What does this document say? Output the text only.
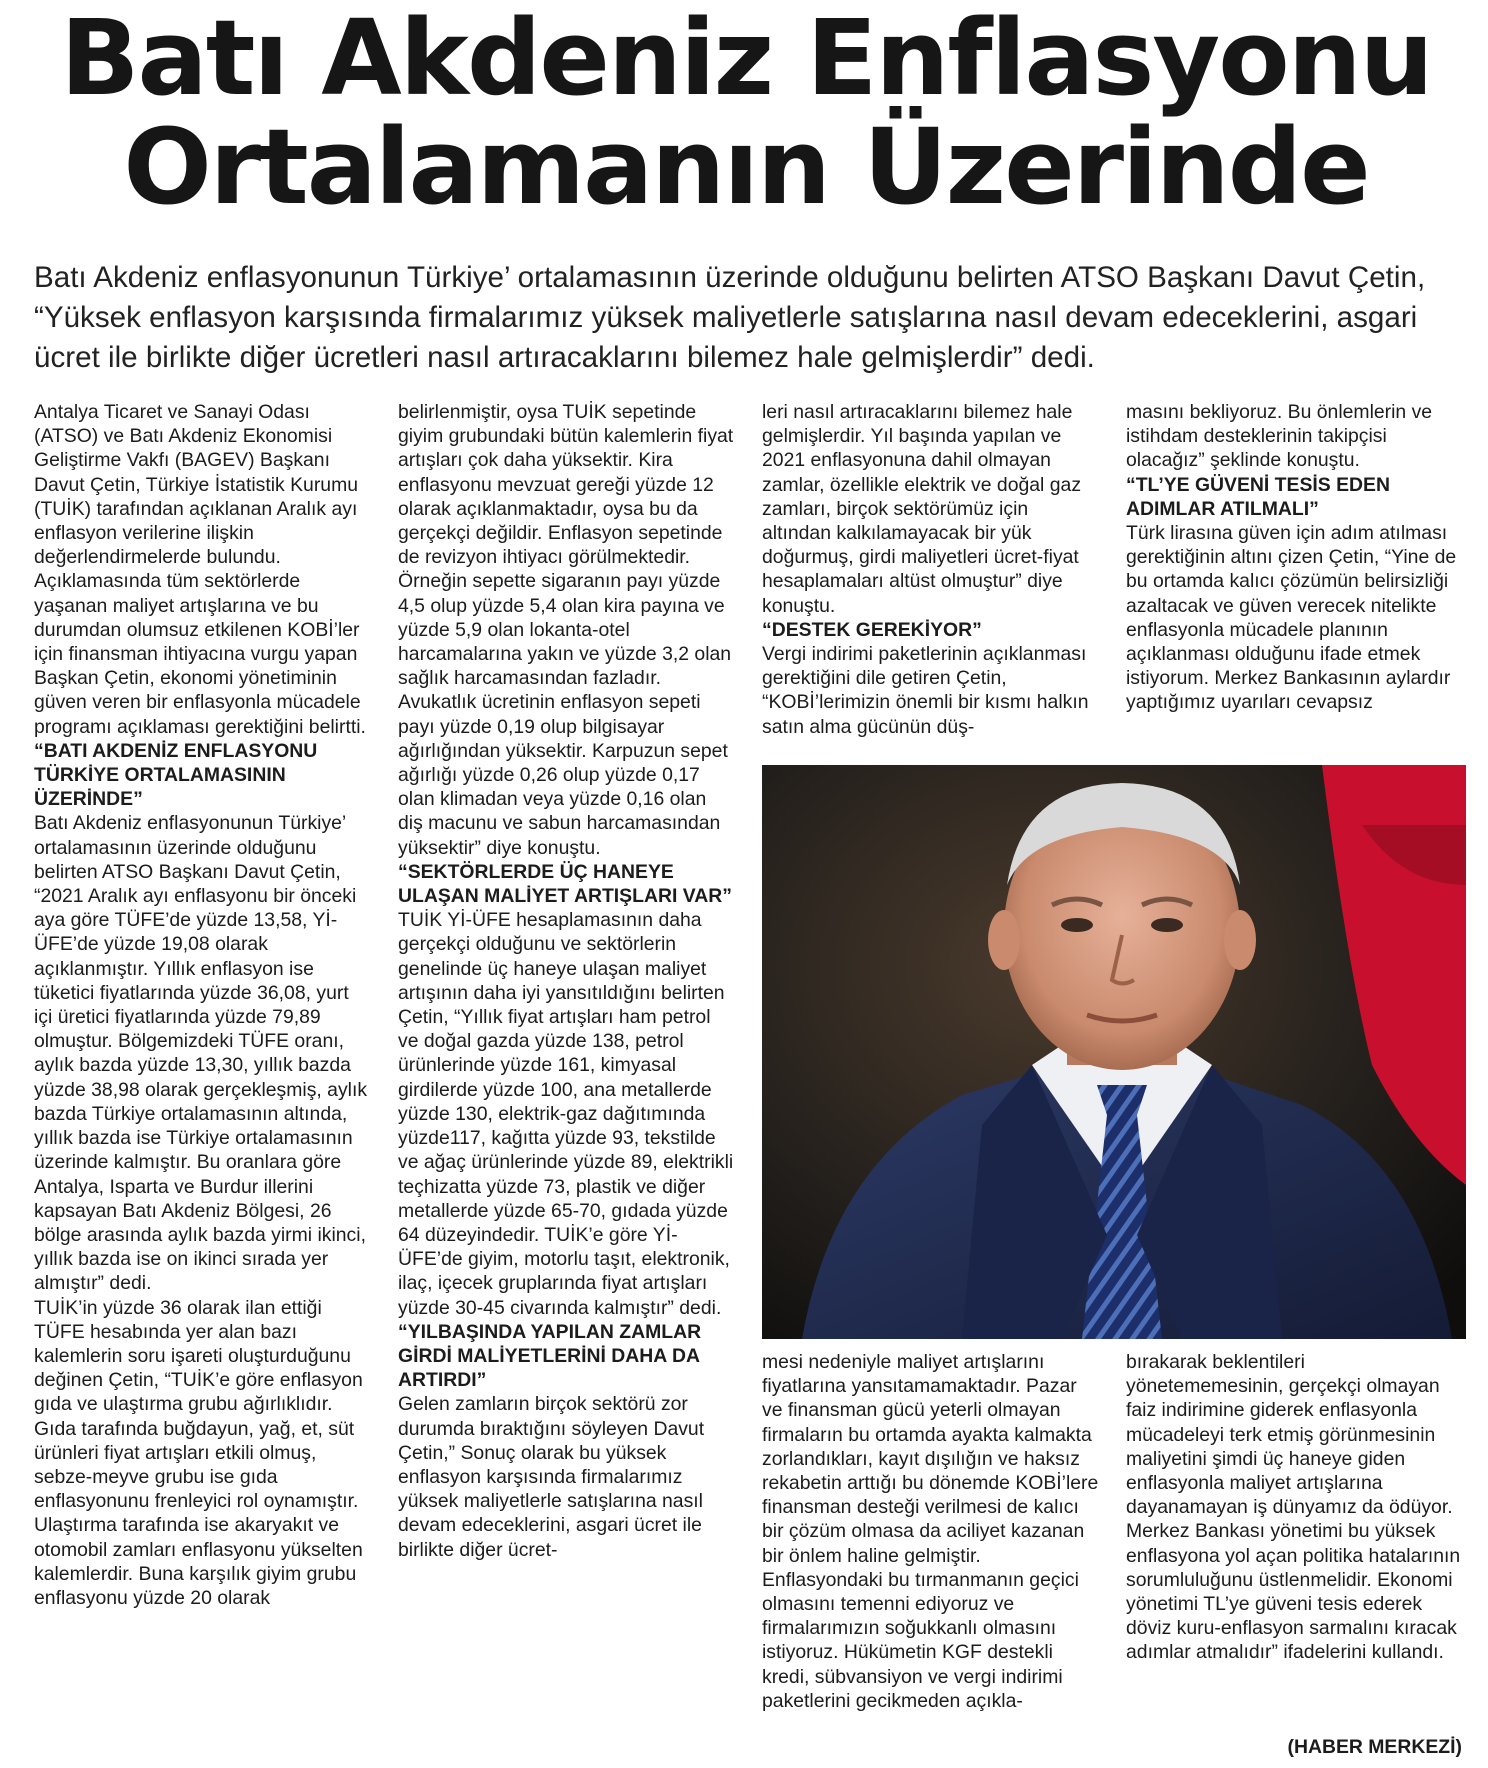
Batı Akdeniz Enflasyonu
Ortalamanın Üzerinde

Batı Akdeniz enflasyonunun Türkiye’ ortalamasının üzerinde olduğunu belirten ATSO Başkanı Davut Çetin, “Yüksek enflasyon karşısında firmalarımız yüksek maliyetlerle satışlarına nasıl devam edeceklerini, asgari ücret ile birlikte diğer ücretleri nasıl artıracaklarını bilemez hale gelmişlerdir” dedi.

Antalya Ticaret ve Sanayi Odası (ATSO) ve Batı Akdeniz Ekonomisi Geliştirme Vakfı (BAGEV) Başkanı Davut Çetin, Türkiye İstatistik Kurumu (TUİK) tarafından açıklanan Aralık ayı enflasyon verilerine ilişkin değerlendirmelerde bulundu.

Açıklamasında tüm sektörlerde yaşanan maliyet artışlarına ve bu durumdan olumsuz etkilenen KOBİ’ler için finansman ihtiyacına vurgu yapan Başkan Çetin, ekonomi yönetiminin güven veren bir enflasyonla mücadele programı açıklaması gerektiğini belirtti.

“BATI AKDENİZ ENFLASYONU TÜRKİYE ORTALAMASININ ÜZERİNDE”

Batı Akdeniz enflasyonunun Türkiye’ ortalamasının üzerinde olduğunu belirten ATSO Başkanı Davut Çetin, “2021 Aralık ayı enflasyonu bir önceki aya göre TÜFE’de yüzde 13,58, Yİ-ÜFE’de yüzde 19,08 olarak açıklanmıştır. Yıllık enflasyon ise tüketici fiyatlarında yüzde 36,08, yurt içi üretici fiyatlarında yüzde 79,89 olmuştur. Bölgemizdeki TÜFE oranı, aylık bazda yüzde 13,30, yıllık bazda yüzde 38,98 olarak gerçekleşmiş, aylık bazda Türkiye ortalamasının altında, yıllık bazda ise Türkiye ortalamasının üzerinde kalmıştır. Bu oranlara göre Antalya, Isparta ve Burdur illerini kapsayan Batı Akdeniz Bölgesi, 26 bölge arasında aylık bazda yirmi ikinci, yıllık bazda ise on ikinci sırada yer almıştır” dedi.

TUİK’in yüzde 36 olarak ilan ettiği TÜFE hesabında yer alan bazı kalemlerin soru işareti oluşturduğunu değinen Çetin, “TUİK’e göre enflasyon gıda ve ulaştırma grubu ağırlıklıdır. Gıda tarafında buğdayun, yağ, et, süt ürünleri fiyat artışları etkili olmuş, sebze-meyve grubu ise gıda enflasyonunu frenleyici rol oynamıştır. Ulaştırma tarafında ise akaryakıt ve otomobil zamları enflasyonu yükselten kalemlerdir. Buna karşılık giyim grubu enflasyonu yüzde 20 olarak

belirlenmiştir, oysa TUİK sepetinde giyim grubundaki bütün kalemlerin fiyat artışları çok daha yüksektir. Kira enflasyonu mevzuat gereği yüzde 12 olarak açıklanmaktadır, oysa bu da gerçekçi değildir. Enflasyon sepetinde de revizyon ihtiyacı görülmektedir. Örneğin sepette sigaranın payı yüzde 4,5 olup yüzde 5,4 olan kira payına ve yüzde 5,9 olan lokanta-otel harcamalarına yakın ve yüzde 3,2 olan sağlık harcamasından fazladır. Avukatlık ücretinin enflasyon sepeti payı yüzde 0,19 olup bilgisayar ağırlığından yüksektir. Karpuzun sepet ağırlığı yüzde 0,26 olup yüzde 0,17 olan klimadan veya yüzde 0,16 olan diş macunu ve sabun harcamasından yüksektir” diye konuştu.

“SEKTÖRLERDE ÜÇ HANEYE ULAŞAN MALİYET ARTIŞLARI VAR”

TUİK Yİ-ÜFE hesaplamasının daha gerçekçi olduğunu ve sektörlerin genelinde üç haneye ulaşan maliyet artışının daha iyi yansıtıldığını belirten Çetin, “Yıllık fiyat artışları ham petrol ve doğal gazda yüzde 138, petrol ürünlerinde yüzde 161, kimyasal girdilerde yüzde 100, ana metallerde yüzde 130, elektrik-gaz dağıtımında yüzde117, kağıtta yüzde 93, tekstilde ve ağaç ürünlerinde yüzde 89, elektrikli teçhizatta yüzde 73, plastik ve diğer metallerde yüzde 65-70, gıdada yüzde 64 düzeyindedir. TUİK’e göre Yİ-ÜFE’de giyim, motorlu taşıt, elektronik, ilaç, içecek gruplarında fiyat artışları yüzde 30-45 civarında kalmıştır” dedi.

“YILBAŞINDA YAPILAN ZAMLAR GİRDİ MALİYETLERİNİ DAHA DA ARTIRDI”

Gelen zamların birçok sektörü zor durumda bıraktığını söyleyen Davut Çetin,” Sonuç olarak bu yüksek enflasyon karşısında firmalarımız yüksek maliyetlerle satışlarına nasıl devam edeceklerini, asgari ücret ile birlikte diğer ücret-

leri nasıl artıracaklarını bilemez hale gelmişlerdir. Yıl başında yapılan ve 2021 enflasyonuna dahil olmayan zamlar, özellikle elektrik ve doğal gaz zamları, birçok sektörümüz için altından kalkılamayacak bir yük doğurmuş, girdi maliyetleri ücret-fiyat hesaplamaları altüst olmuştur” diye konuştu.

“DESTEK GEREKİYOR”

Vergi indirimi paketlerinin açıklanması gerektiğini dile getiren Çetin, “KOBİ’lerimizin önemli bir kısmı halkın satın alma gücünün düş-

masını bekliyoruz. Bu önlemlerin ve istihdam desteklerinin takipçisi olacağız” şeklinde konuştu.

“TL’YE GÜVENİ TESİS EDEN ADIMLAR ATILMALI”

Türk lirasına güven için adım atılması gerektiğinin altını çizen Çetin, “Yine de bu ortamda kalıcı çözümün belirsizliği azaltacak ve güven verecek nitelikte enflasyonla mücadele planının açıklanması olduğunu ifade etmek istiyorum. Merkez Bankasının aylardır yaptığımız uyarıları cevapsız

mesi nedeniyle maliyet artışlarını fiyatlarına yansıtamamaktadır. Pazar ve finansman gücü yeterli olmayan firmaların bu ortamda ayakta kalmakta zorlandıkları, kayıt dışılığın ve haksız rekabetin arttığı bu dönemde KOBİ’lere finansman desteği verilmesi de kalıcı bir çözüm olmasa da aciliyet kazanan bir önlem haline gelmiştir. Enflasyondaki bu tırmanmanın geçici olmasını temenni ediyoruz ve firmalarımızın soğukkanlı olmasını istiyoruz. Hükümetin KGF destekli kredi, sübvansiyon ve vergi indirimi paketlerini gecikmeden açıkla-

bırakarak beklentileri yönetememesinin, gerçekçi olmayan faiz indirimine giderek enflasyonla mücadeleyi terk etmiş görünmesinin maliyetini şimdi üç haneye giden enflasyonla maliyet artışlarına dayanamayan iş dünyamız da ödüyor. Merkez Bankası yönetimi bu yüksek enflasyona yol açan politika hatalarının sorumluluğunu üstlenmelidir. Ekonomi yönetimi TL’ye güveni tesis ederek döviz kuru-enflasyon sarmalını kıracak adımlar atmalıdır” ifadelerini kullandı.

(HABER MERKEZİ)
